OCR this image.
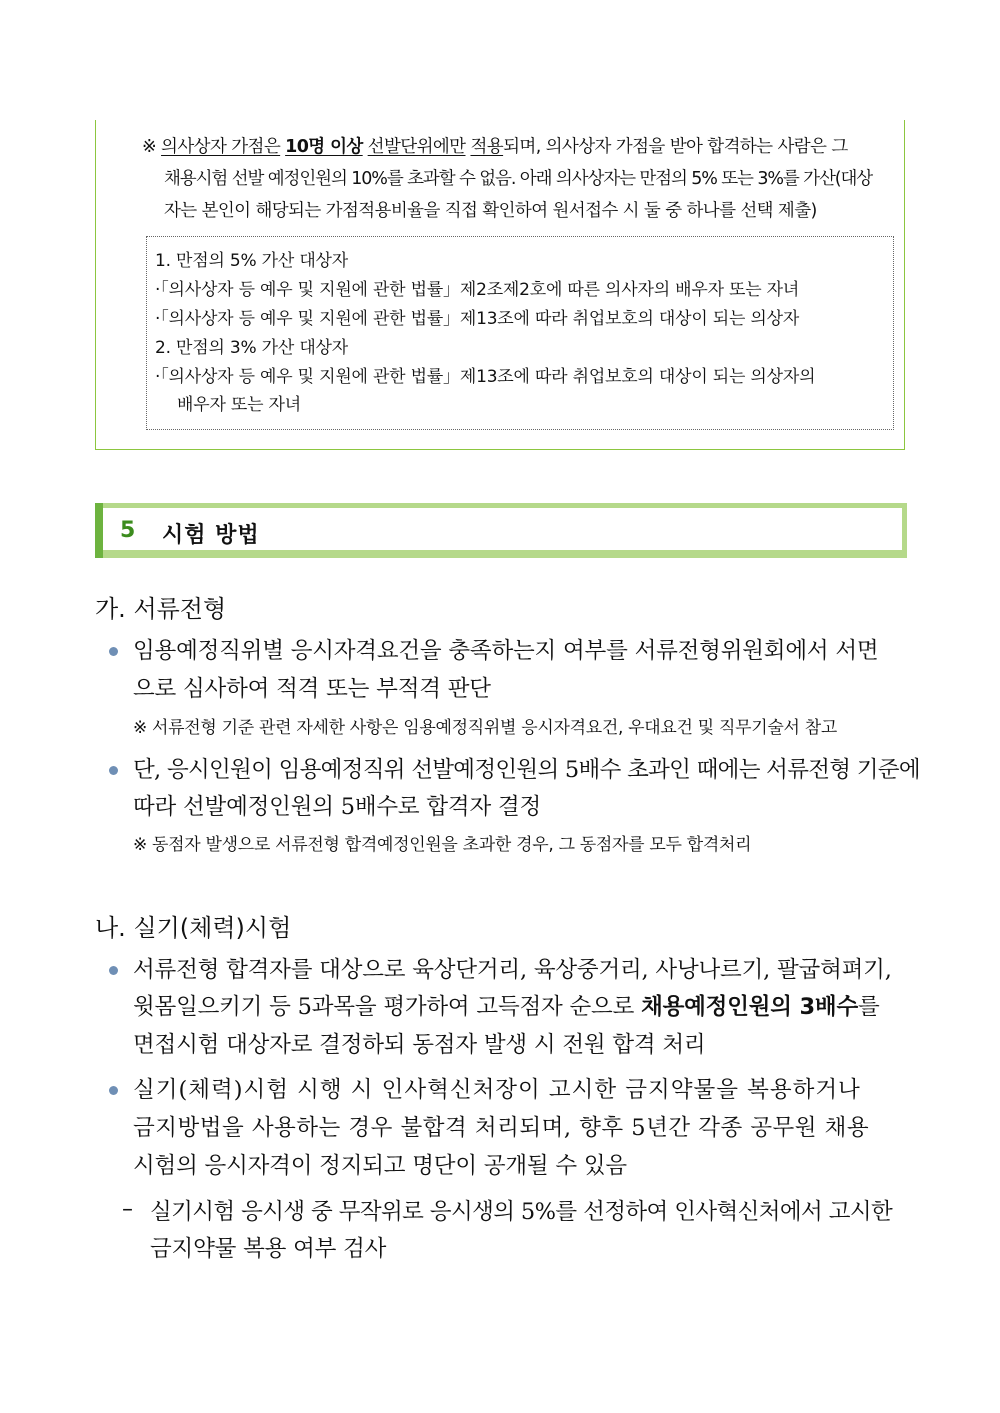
※ 의사상자 가점은 10명 이상 선발단위에만 적용되며, 의사상자 가점을 받아 합격하는 사람은 그
채용시험 선발 예정인원의 10%를 초과할 수 없음. 아래 의사상자는 만점의 5% 또는 3%를 가산(대상
자는 본인이 해당되는 가점적용비율을 직접 확인하여 원서접수 시 둘 중 하나를 선택 제출)
1. 만점의 5% 가산 대상자
·「의사상자 등 예우 및 지원에 관한 법률」제2조제2호에 따른 의사자의 배우자 또는 자녀
·「의사상자 등 예우 및 지원에 관한 법률」제13조에 따라 취업보호의 대상이 되는 의상자
2. 만점의 3% 가산 대상자
·「의사상자 등 예우 및 지원에 관한 법률」제13조에 따라 취업보호의 대상이 되는 의상자의
배우자 또는 자녀
5 시험 방법
가. 서류전형
임용예정직위별 응시자격요건을 충족하는지 여부를 서류전형위원회에서 서면
으로 심사하여 적격 또는 부적격 판단
※ 서류전형 기준 관련 자세한 사항은 임용예정직위별 응시자격요건, 우대요건 및 직무기술서 참고
단, 응시인원이 임용예정직위 선발예정인원의 5배수 초과인 때에는 서류전형 기준에
따라 선발예정인원의 5배수로 합격자 결정
※ 동점자 발생으로 서류전형 합격예정인원을 초과한 경우, 그 동점자를 모두 합격처리
나. 실기(체력)시험
서류전형 합격자를 대상으로 육상단거리, 육상중거리, 사낭나르기, 팔굽혀펴기,
윗몸일으키기 등 5과목을 평가하여 고득점자 순으로 채용예정인원의 3배수를
면접시험 대상자로 결정하되 동점자 발생 시 전원 합격 처리
실기(체력)시험 시행 시 인사혁신처장이 고시한 금지약물을 복용하거나
금지방법을 사용하는 경우 불합격 처리되며, 향후 5년간 각종 공무원 채용
시험의 응시자격이 정지되고 명단이 공개될 수 있음
– 실기시험 응시생 중 무작위로 응시생의 5%를 선정하여 인사혁신처에서 고시한
금지약물 복용 여부 검사
